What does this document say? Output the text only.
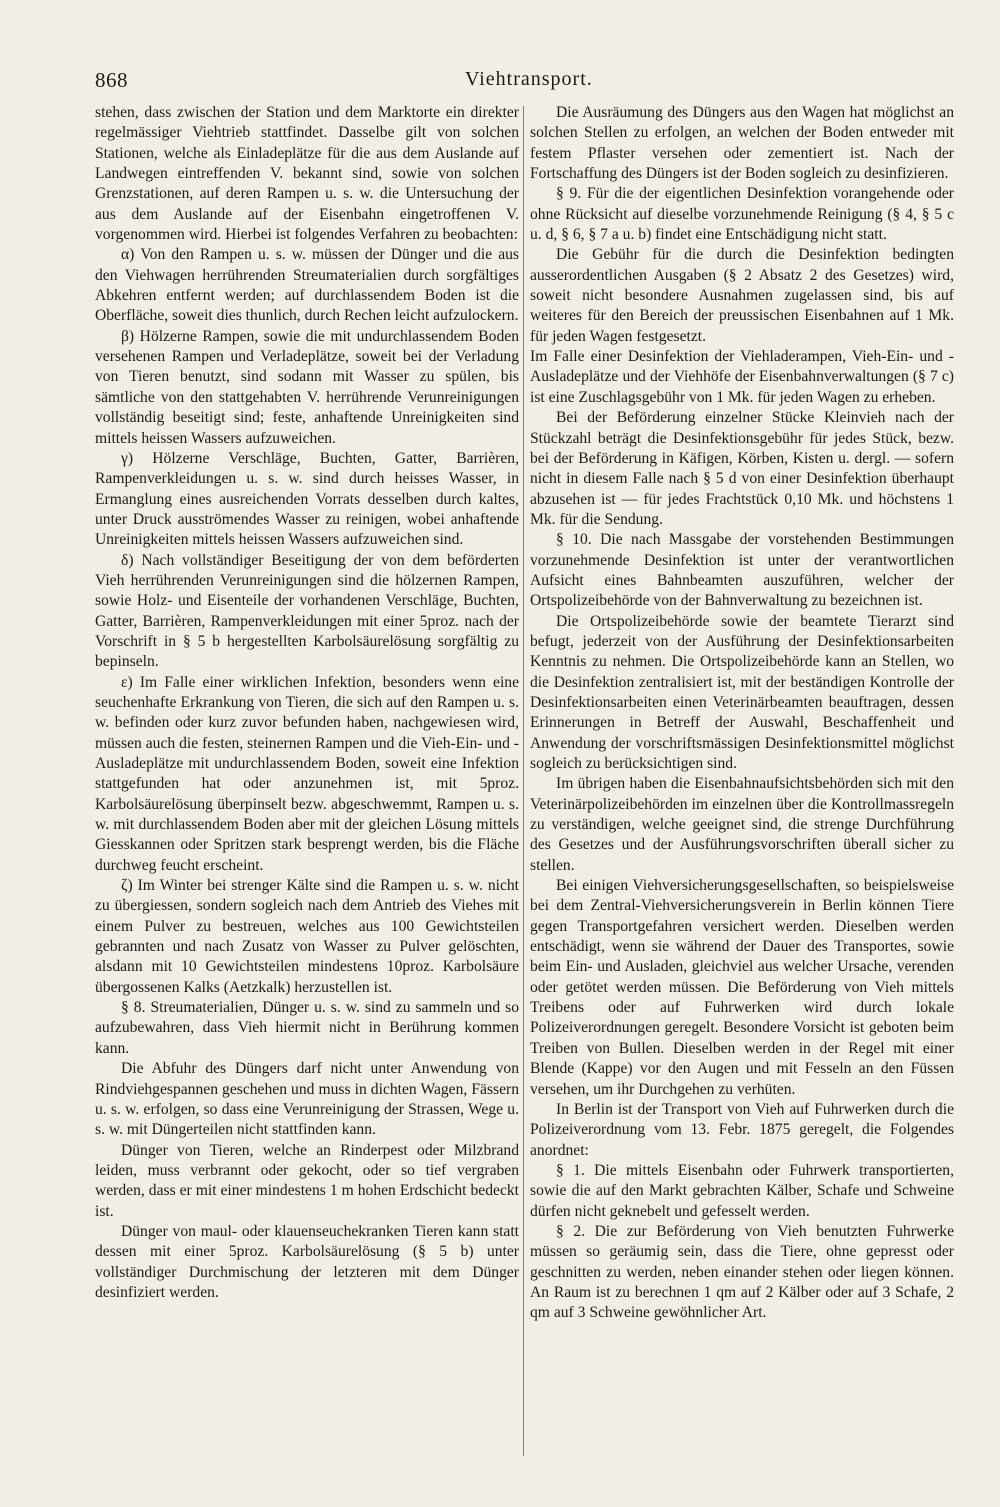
868	Viehtransport.

stehen, dass zwischen der Station und dem Marktorte ein direkter regelmässiger Viehtrieb stattfindet. Dasselbe gilt von solchen Stationen, welche als Einladeplätze für die aus dem Auslande auf Landwegen eintreffenden V. bekannt sind, sowie von solchen Grenzstationen, auf deren Rampen u. s. w. die Untersuchung der aus dem Auslande auf der Eisenbahn eingetroffenen V. vorgenommen wird. Hierbei ist folgendes Verfahren zu beobachten:

α) Von den Rampen u. s. w. müssen der Dünger und die aus den Viehwagen herrührenden Streumaterialien durch sorgfältiges Abkehren entfernt werden; auf durchlassendem Boden ist die Oberfläche, soweit dies thunlich, durch Rechen leicht aufzulockern.

β) Hölzerne Rampen, sowie die mit undurchlassendem Boden versehenen Rampen und Verladeplätze, soweit bei der Verladung von Tieren benutzt, sind sodann mit Wasser zu spülen, bis sämtliche von den stattgehabten V. herrührende Verunreinigungen vollständig beseitigt sind; feste, anhaftende Unreinigkeiten sind mittels heissen Wassers aufzuweichen.

γ) Hölzerne Verschläge, Buchten, Gatter, Barrièren, Rampenverkleidungen u. s. w. sind durch heisses Wasser, in Ermanglung eines ausreichenden Vorrats desselben durch kaltes, unter Druck ausströmendes Wasser zu reinigen, wobei anhaftende Unreinigkeiten mittels heissen Wassers aufzuweichen sind.

δ) Nach vollständiger Beseitigung der von dem beförderten Vieh herrührenden Verunreinigungen sind die hölzernen Rampen, sowie Holz- und Eisenteile der vorhandenen Verschläge, Buchten, Gatter, Barrièren, Rampenverkleidungen mit einer 5proz. nach der Vorschrift in § 5 b hergestellten Karbolsäurelösung sorgfältig zu bepinseln.

ε) Im Falle einer wirklichen Infektion, besonders wenn eine seuchenhafte Erkrankung von Tieren, die sich auf den Rampen u. s. w. befinden oder kurz zuvor befunden haben, nachgewiesen wird, müssen auch die festen, steinernen Rampen und die Vieh-Ein- und -Ausladeplätze mit undurchlassendem Boden, soweit eine Infektion stattgefunden hat oder anzunehmen ist, mit 5proz. Karbolsäurelösung überpinselt bezw. abgeschwemmt, Rampen u. s. w. mit durchlassendem Boden aber mit der gleichen Lösung mittels Giesskannen oder Spritzen stark besprengt werden, bis die Fläche durchweg feucht erscheint.

ζ) Im Winter bei strenger Kälte sind die Rampen u. s. w. nicht zu übergiessen, sondern sogleich nach dem Antrieb des Viehes mit einem Pulver zu bestreuen, welches aus 100 Gewichtsteilen gebrannten und nach Zusatz von Wasser zu Pulver gelöschten, alsdann mit 10 Gewichtsteilen mindestens 10proz. Karbolsäure übergossenen Kalks (Aetzkalk) herzustellen ist.

§ 8. Streumaterialien, Dünger u. s. w. sind zu sammeln und so aufzubewahren, dass Vieh hiermit nicht in Berührung kommen kann.

Die Abfuhr des Düngers darf nicht unter Anwendung von Rindviehgespannen geschehen und muss in dichten Wagen, Fässern u. s. w. erfolgen, so dass eine Verunreinigung der Strassen, Wege u. s. w. mit Düngerteilen nicht stattfinden kann.

Dünger von Tieren, welche an Rinderpest oder Milzbrand leiden, muss verbrannt oder gekocht, oder so tief vergraben werden, dass er mit einer mindestens 1 m hohen Erdschicht bedeckt ist.

Dünger von maul- oder klauenseuchekranken Tieren kann statt dessen mit einer 5proz. Karbolsäurelösung (§ 5 b) unter vollständiger Durchmischung der letzteren mit dem Dünger desinfiziert werden.

Die Ausräumung des Düngers aus den Wagen hat möglichst an solchen Stellen zu erfolgen, an welchen der Boden entweder mit festem Pflaster versehen oder zementiert ist. Nach der Fortschaffung des Düngers ist der Boden sogleich zu desinfizieren.

§ 9. Für die der eigentlichen Desinfektion vorangehende oder ohne Rücksicht auf dieselbe vorzunehmende Reinigung (§ 4, § 5 c u. d, § 6, § 7 a u. b) findet eine Entschädigung nicht statt.

Die Gebühr für die durch die Desinfektion bedingten ausserordentlichen Ausgaben (§ 2 Absatz 2 des Gesetzes) wird, soweit nicht besondere Ausnahmen zugelassen sind, bis auf weiteres für den Bereich der preussischen Eisenbahnen auf 1 Mk. für jeden Wagen festgesetzt.

Im Falle einer Desinfektion der Viehladerampen, Vieh-Ein- und -Ausladeplätze und der Viehhöfe der Eisenbahnverwaltungen (§ 7 c) ist eine Zuschlagsgebühr von 1 Mk. für jeden Wagen zu erheben.

Bei der Beförderung einzelner Stücke Kleinvieh nach der Stückzahl beträgt die Desinfektionsgebühr für jedes Stück, bezw. bei der Beförderung in Käfigen, Körben, Kisten u. dergl. — sofern nicht in diesem Falle nach § 5 d von einer Desinfektion überhaupt abzusehen ist — für jedes Frachtstück 0,10 Mk. und höchstens 1 Mk. für die Sendung.

§ 10. Die nach Massgabe der vorstehenden Bestimmungen vorzunehmende Desinfektion ist unter der verantwortlichen Aufsicht eines Bahnbeamten auszuführen, welcher der Ortspolizeibehörde von der Bahnverwaltung zu bezeichnen ist.

Die Ortspolizeibehörde sowie der beamtete Tierarzt sind befugt, jederzeit von der Ausführung der Desinfektionsarbeiten Kenntnis zu nehmen. Die Ortspolizeibehörde kann an Stellen, wo die Desinfektion zentralisiert ist, mit der beständigen Kontrolle der Desinfektionsarbeiten einen Veterinärbeamten beauftragen, dessen Erinnerungen in Betreff der Auswahl, Beschaffenheit und Anwendung der vorschriftsmässigen Desinfektionsmittel möglichst sogleich zu berücksichtigen sind.

Im übrigen haben die Eisenbahnaufsichtsbehörden sich mit den Veterinärpolizeibehörden im einzelnen über die Kontrollmassregeln zu verständigen, welche geeignet sind, die strenge Durchführung des Gesetzes und der Ausführungsvorschriften überall sicher zu stellen.

Bei einigen Viehversicherungsgesellschaften, so beispielsweise bei dem Zentral-Viehversicherungsverein in Berlin können Tiere gegen Transportgefahren versichert werden. Dieselben werden entschädigt, wenn sie während der Dauer des Transportes, sowie beim Ein- und Ausladen, gleichviel aus welcher Ursache, verenden oder getötet werden müssen. Die Beförderung von Vieh mittels Treibens oder auf Fuhrwerken wird durch lokale Polizeiverordnungen geregelt. Besondere Vorsicht ist geboten beim Treiben von Bullen. Dieselben werden in der Regel mit einer Blende (Kappe) vor den Augen und mit Fesseln an den Füssen versehen, um ihr Durchgehen zu verhüten.

In Berlin ist der Transport von Vieh auf Fuhrwerken durch die Polizeiverordnung vom 13. Febr. 1875 geregelt, die Folgendes anordnet:

§ 1. Die mittels Eisenbahn oder Fuhrwerk transportierten, sowie die auf den Markt gebrachten Kälber, Schafe und Schweine dürfen nicht geknebelt und gefesselt werden.

§ 2. Die zur Beförderung von Vieh benutzten Fuhrwerke müssen so geräumig sein, dass die Tiere, ohne gepresst oder geschnitten zu werden, neben einander stehen oder liegen können. An Raum ist zu berechnen 1 qm auf 2 Kälber oder auf 3 Schafe, 2 qm auf 3 Schweine gewöhnlicher Art.
